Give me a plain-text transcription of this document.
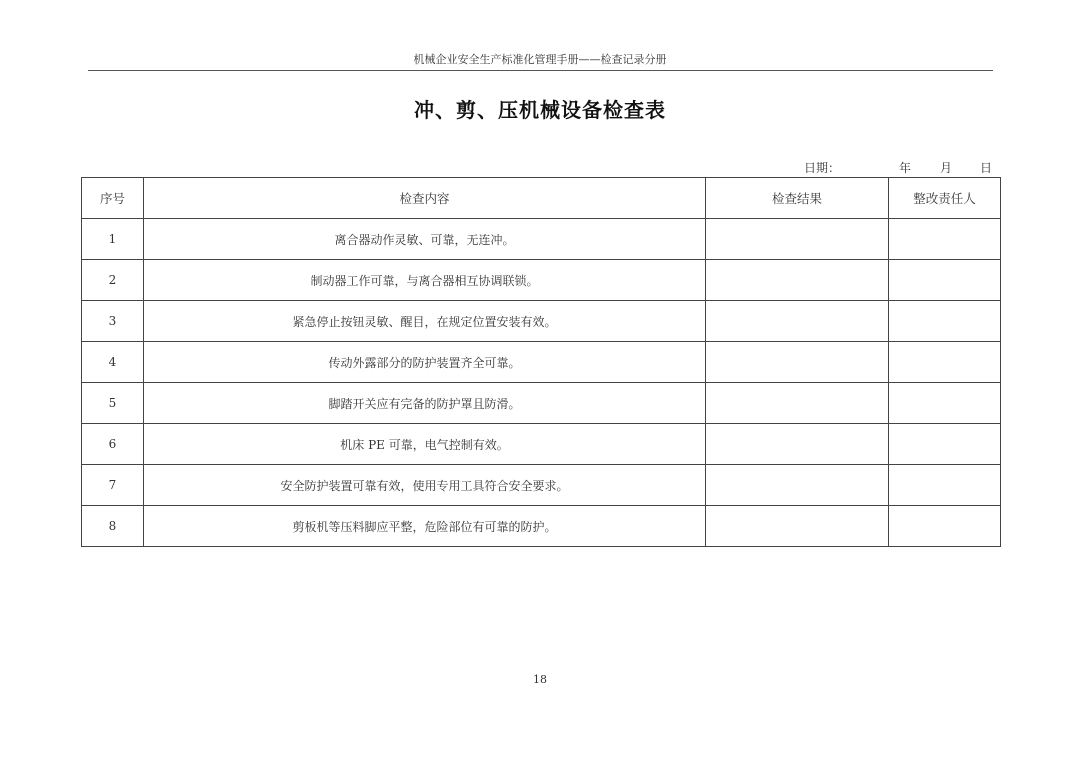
机械企业安全生产标准化管理手册——检查记录分册
冲、剪、压机械设备检查表
日期：	年 月 日
序号	检查内容	检查结果	整改责任人
1	离合器动作灵敏、可靠，无连冲。		
2	制动器工作可靠，与离合器相互协调联锁。		
3	紧急停止按钮灵敏、醒目，在规定位置安装有效。		
4	传动外露部分的防护装置齐全可靠。		
5	脚踏开关应有完备的防护罩且防滑。		
6	机床 PE 可靠，电气控制有效。		
7	安全防护装置可靠有效，使用专用工具符合安全要求。		
8	剪板机等压料脚应平整，危险部位有可靠的防护。		
18
